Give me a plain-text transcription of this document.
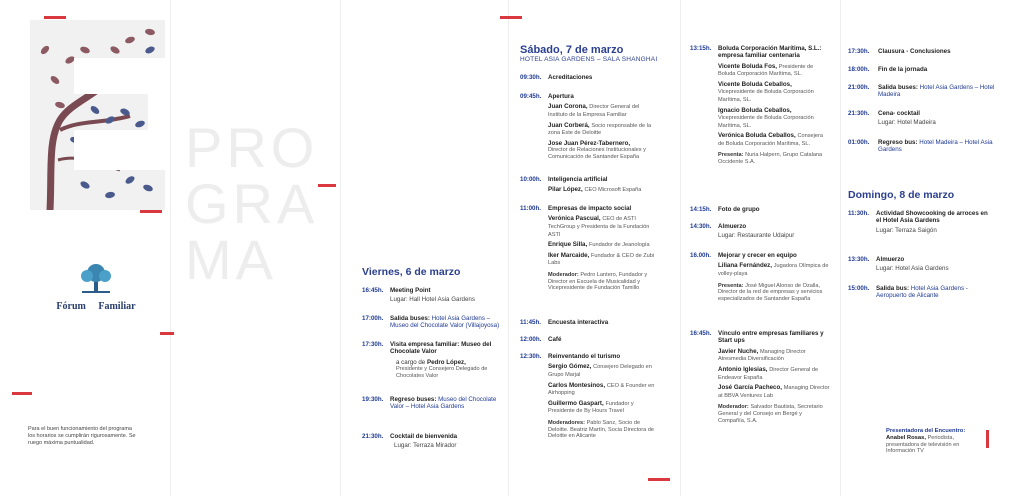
Fórum Familiar
Para el buen funcionamiento del programa los horarios se cumplirán rigurosamente. Se ruego máxima puntualidad.
PRO
GRA
MA	Viernes, 6 de marzo
16:45h. Meeting Point
Lugar: Hall Hotel Asia Gardens
17:00h. Salida buses: Hotel Asia Gardens – Museo del Chocolate Valor (Villajoyosa)
17:30h. Visita empresa familiar: Museo del Chocolate Valor
a cargo de Pedro López,
Presidente y Consejero Delegado de Chocolates Valor
19:30h. Regreso buses: Museo del Chocolate Valor – Hotel Asia Gardens
21:30h. Cocktail de bienvenida
Lugar: Terraza Mirador
Sábado, 7 de marzo
HOTEL ASIA GARDENS – SALA SHANGHAI
09:30h. Acreditaciones
09:45h. Apertura
Juan Corona, Director General del Instituto de la Empresa Familiar
Juan Corberá, Socio responsable de la zona Este de Deloitte
Jose Juan Pérez-Tabernero,
Director de Relaciones Institucionales y Comunicación de Santander España
10:00h. Inteligencia artificial
Pilar López, CEO Microsoft España
11:00h. Empresas de impacto social
Verónica Pascual, CEO de ASTI TechGroup y Presidenta de la Fundación ASTI
Enrique Silla, Fundador de Jeanología
Iker Marcaide, Fundador & CEO de Zubi Labs
Moderador: Pedro Lantero, Fundador y Director en Escuela de Musicalidad y Vicepresidente de Fundación Tamillo
11:45h. Encuesta interactiva
12:00h. Café
12:30h. Reinventando el turismo
Sergio Gómez, Consejero Delegado en Grupo Marjal
Carlos Montesinos, CEO & Founder en Airhopping
Guillermo Gaspart, Fundador y Presidente de By Hours Travel
Moderadores: Pablo Sanz, Socio de Deloitte. Beatriz Martín, Socia Directora de Deloitte en Alicante
13:15h. Boluda Corporación Marítima, S.L.: empresa familiar centenaria
Vicente Boluda Fos, Presidente de Boluda Corporación Marítima, SL.
Vicente Boluda Ceballos, Vicepresidente de Boluda Corporación Marítima, SL.
Ignacio Boluda Ceballos, Vicepresidente de Boluda Corporación Marítima, SL.
Verónica Boluda Ceballos, Consejera de Boluda Corporación Marítima, SL.
Presenta: Nuria Halpern, Grupo Catalana Occidente S.A.
14:15h. Foto de grupo
14:30h. Almuerzo
Lugar: Restaurante Udaipur
16.00h. Mejorar y crecer en equipo
Liliana Fernández, Jugadora Olímpica de volley-playa
Presenta: José Miguel Alonso de Ozalla, Director de la red de empresas y servicios especializados de Santander España
16:45h. Vínculo entre empresas familiares y Start ups
Javier Nuche, Managing Director Atresmedia Diversificación
Antonio Iglesias, Director General de Endeavor España
José García Pacheco, Managing Director at BBVA Ventures Lab
Moderador: Salvador Bautista, Secretario General y del Consejo en Bergé y Compañía, S.A.
17:30h. Clausura - Conclusiones
18:00h. Fin de la jornada
21:00h. Salida buses: Hotel Asia Gardens – Hotel Madeira
21:30h. Cena- cocktail
Lugar: Hotel Madeira
01:00h. Regreso bus: Hotel Madeira – Hotel Asia Gardens
Domingo, 8 de marzo
11:30h. Actividad Showcooking de arroces en el Hotel Asia Gardens
Lugar: Terraza Saigón
13:30h. Almuerzo
Lugar: Hotel Asia Gardens
15:00h. Salida bus: Hotel Asia Gardens - Aeropuerto de Alicante
Presentadora del Encuentro:
Anabel Rosas, Periodista, presentadora de televisión en Información TV
